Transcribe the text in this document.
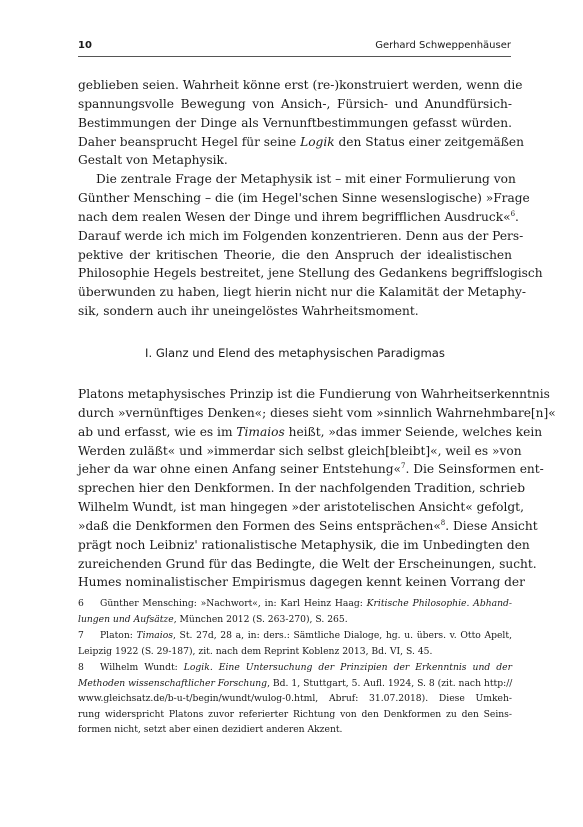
10	Gerhard Schweppenhäuser
geblieben seien. Wahrheit könne erst (re-)konstruiert werden, wenn die
spannungsvolle Bewegung von Ansich-, Fürsich- und Anundfürsich-
Bestimmungen der Dinge als Vernunftbestimmungen gefasst würden.
Daher beansprucht Hegel für seine Logik den Status einer zeitgemäßen
Gestalt von Metaphysik.
Die zentrale Frage der Metaphysik ist – mit einer Formulierung von
Günther Mensching – die (im Hegel'schen Sinne wesenslogische) »Frage
nach dem realen Wesen der Dinge und ihrem begrifflichen Ausdruck«$^6$.
Darauf werde ich mich im Folgenden konzentrieren. Denn aus der Pers-
pektive der kritischen Theorie, die den Anspruch der idealistischen
Philosophie Hegels bestreitet, jene Stellung des Gedankens begriffslogisch
überwunden zu haben, liegt hierin nicht nur die Kalamität der Metaphy-
sik, sondern auch ihr uneingelöstes Wahrheitsmoment.
I. Glanz und Elend des metaphysischen Paradigmas
Platons metaphysisches Prinzip ist die Fundierung von Wahrheitserkenntnis
durch »vernünftiges Denken«; dieses sieht vom »sinnlich Wahrnehmbare[n]«
ab und erfasst, wie es im Timaios heißt, »das immer Seiende, welches kein
Werden zuläßt« und »immerdar sich selbst gleich[bleibt]«, weil es »von
jeher da war ohne einen Anfang seiner Entstehung«$^7$. Die Seinsformen ent-
sprechen hier den Denkformen. In der nachfolgenden Tradition, schrieb
Wilhelm Wundt, ist man hingegen »der aristotelischen Ansicht« gefolgt,
»daß die Denkformen den Formen des Seins entsprächen«$^8$. Diese Ansicht
prägt noch Leibniz' rationalistische Metaphysik, die im Unbedingten den
zureichenden Grund für das Bedingte, die Welt der Erscheinungen, sucht.
Humes nominalistischer Empirismus dagegen kennt keinen Vorrang der
6 Günther Mensching: »Nachwort«, in: Karl Heinz Haag: Kritische Philosophie. Abhand-
lungen und Aufsätze, München 2012 (S. 263-270), S. 265.
7 Platon: Timaios, St. 27d, 28 a, in: ders.: Sämtliche Dialoge, hg. u. übers. v. Otto Apelt,
Leipzig 1922 (S. 29-187), zit. nach dem Reprint Koblenz 2013, Bd. VI, S. 45.
8 Wilhelm Wundt: Logik. Eine Untersuchung der Prinzipien der Erkenntnis und der
Methoden wissenschaftlicher Forschung, Bd. 1, Stuttgart, 5. Aufl. 1924, S. 8 (zit. nach http://
www.gleichsatz.de/b-u-t/begin/wundt/wulog-0.html, Abruf: 31.07.2018). Diese Umkeh-
rung widerspricht Platons zuvor referierter Richtung von den Denkformen zu den Seins-
formen nicht, setzt aber einen dezidiert anderen Akzent.
